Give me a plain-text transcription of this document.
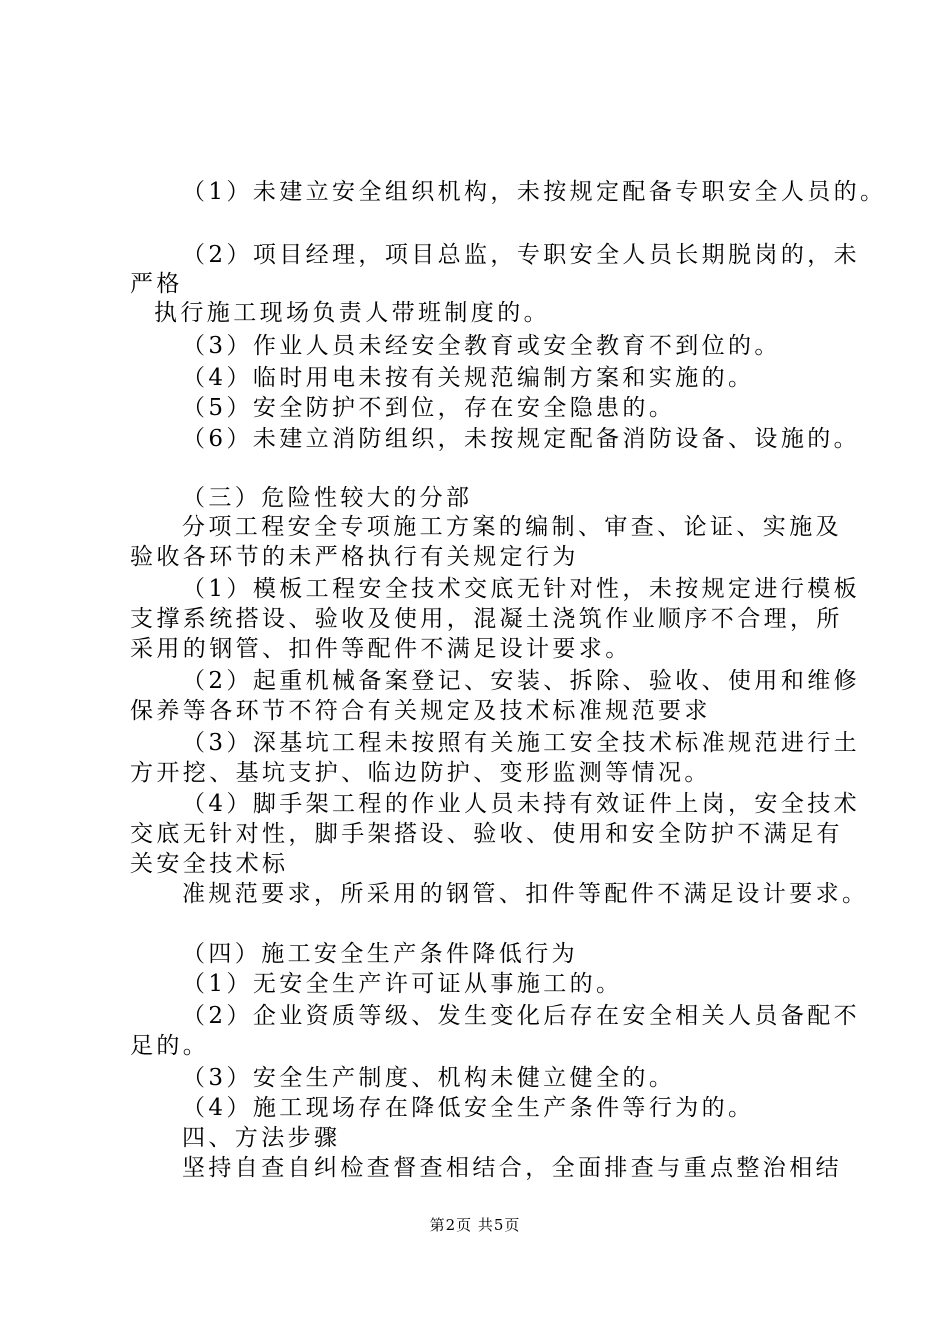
（1）未建立安全组织机构，未按规定配备专职安全人员的。
（2）项目经理，项目总监，专职安全人员长期脱岗的，未
严格
执行施工现场负责人带班制度的。
（3）作业人员未经安全教育或安全教育不到位的。
（4）临时用电未按有关规范编制方案和实施的。
（5）安全防护不到位，存在安全隐患的。
（6）未建立消防组织，未按规定配备消防设备、设施的。
（三）危险性较大的分部
分项工程安全专项施工方案的编制、审查、论证、实施及
验收各环节的未严格执行有关规定行为
（1）模板工程安全技术交底无针对性，未按规定进行模板
支撑系统搭设、验收及使用，混凝土浇筑作业顺序不合理，所
采用的钢管、扣件等配件不满足设计要求。
（2）起重机械备案登记、安装、拆除、验收、使用和维修
保养等各环节不符合有关规定及技术标准规范要求
（3）深基坑工程未按照有关施工安全技术标准规范进行土
方开挖、基坑支护、临边防护、变形监测等情况。
（4）脚手架工程的作业人员未持有效证件上岗，安全技术
交底无针对性，脚手架搭设、验收、使用和安全防护不满足有
关安全技术标
准规范要求，所采用的钢管、扣件等配件不满足设计要求。
（四）施工安全生产条件降低行为
（1）无安全生产许可证从事施工的。
（2）企业资质等级、发生变化后存在安全相关人员备配不
足的。
（3）安全生产制度、机构未健立健全的。
（4）施工现场存在降低安全生产条件等行为的。
四、方法步骤
坚持自查自纠检查督查相结合，全面排查与重点整治相结
第2页 共5页
